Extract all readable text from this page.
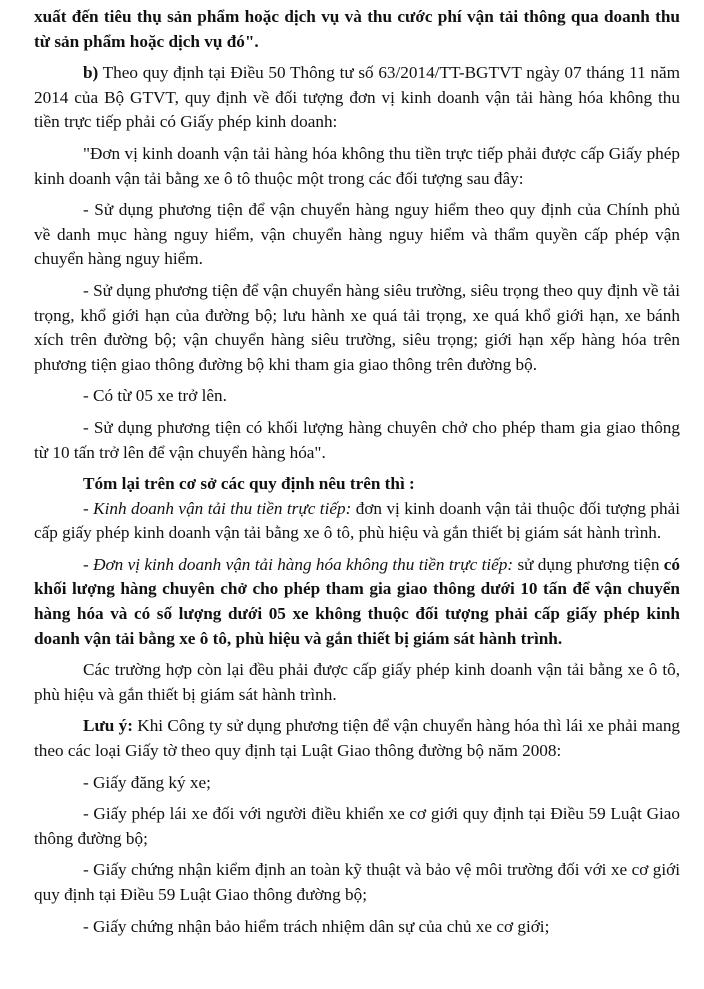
xuất đến tiêu thụ sản phẩm hoặc dịch vụ và thu cước phí vận tải thông qua doanh thu từ sản phẩm hoặc dịch vụ đó".

b) Theo quy định tại Điều 50 Thông tư số 63/2014/TT-BGTVT ngày 07 tháng 11 năm 2014 của Bộ GTVT, quy định về đối tượng đơn vị kinh doanh vận tải hàng hóa không thu tiền trực tiếp phải có Giấy phép kinh doanh:

"Đơn vị kinh doanh vận tải hàng hóa không thu tiền trực tiếp phải được cấp Giấy phép kinh doanh vận tải bằng xe ô tô thuộc một trong các đối tượng sau đây:

- Sử dụng phương tiện để vận chuyển hàng nguy hiểm theo quy định của Chính phủ về danh mục hàng nguy hiểm, vận chuyển hàng nguy hiểm và thẩm quyền cấp phép vận chuyển hàng nguy hiểm.

- Sử dụng phương tiện để vận chuyển hàng siêu trường, siêu trọng theo quy định về tải trọng, khổ giới hạn của đường bộ; lưu hành xe quá tải trọng, xe quá khổ giới hạn, xe bánh xích trên đường bộ; vận chuyển hàng siêu trường, siêu trọng; giới hạn xếp hàng hóa trên phương tiện giao thông đường bộ khi tham gia giao thông trên đường bộ.

- Có từ 05 xe trở lên.

- Sử dụng phương tiện có khối lượng hàng chuyên chở cho phép tham gia giao thông từ 10 tấn trở lên để vận chuyển hàng hóa".

Tóm lại trên cơ sở các quy định nêu trên thì :

- Kinh doanh vận tải thu tiền trực tiếp: đơn vị kinh doanh vận tải thuộc đối tượng phải cấp giấy phép kinh doanh vận tải bằng xe ô tô, phù hiệu và gắn thiết bị giám sát hành trình.

- Đơn vị kinh doanh vận tải hàng hóa không thu tiền trực tiếp: sử dụng phương tiện có khối lượng hàng chuyên chở cho phép tham gia giao thông dưới 10 tấn để vận chuyển hàng hóa và có số lượng dưới 05 xe không thuộc đối tượng phải cấp giấy phép kinh doanh vận tải bằng xe ô tô, phù hiệu và gắn thiết bị giám sát hành trình.

Các trường hợp còn lại đều phải được cấp giấy phép kinh doanh vận tải bằng xe ô tô, phù hiệu và gắn thiết bị giám sát hành trình.

Lưu ý: Khi Công ty sử dụng phương tiện để vận chuyển hàng hóa thì lái xe phải mang theo các loại Giấy tờ theo quy định tại Luật Giao thông đường bộ năm 2008:

- Giấy đăng ký xe;

- Giấy phép lái xe đối với người điều khiển xe cơ giới quy định tại Điều 59 Luật Giao thông đường bộ;

- Giấy chứng nhận kiểm định an toàn kỹ thuật và bảo vệ môi trường đối với xe cơ giới quy định tại Điều 59 Luật Giao thông đường bộ;

- Giấy chứng nhận bảo hiểm trách nhiệm dân sự của chủ xe cơ giới;
